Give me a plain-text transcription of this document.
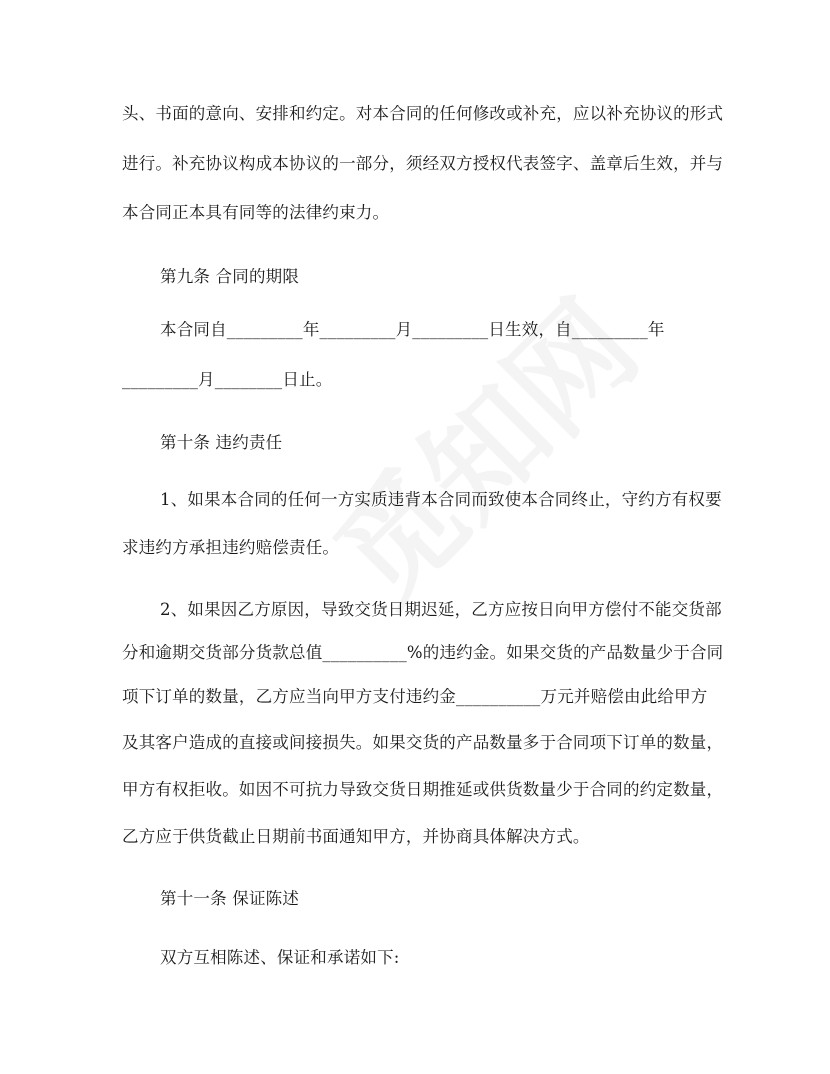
头、书面的意向、安排和约定。对本合同的任何修改或补充，应以补充协议的形式
进行。补充协议构成本协议的一部分，须经双方授权代表签字、盖章后生效，并与
本合同正本具有同等的法律约束力。
第九条 合同的期限
本合同自_________年_________月_________日生效，自_________年
_________月________日止。
第十条 违约责任
1、如果本合同的任何一方实质违背本合同而致使本合同终止，守约方有权要
求违约方承担违约赔偿责任。
2、如果因乙方原因，导致交货日期迟延，乙方应按日向甲方偿付不能交货部
分和逾期交货部分货款总值__________%的违约金。如果交货的产品数量少于合同
项下订单的数量，乙方应当向甲方支付违约金__________万元并赔偿由此给甲方
及其客户造成的直接或间接损失。如果交货的产品数量多于合同项下订单的数量，
甲方有权拒收。如因不可抗力导致交货日期推延或供货数量少于合同的约定数量，
乙方应于供货截止日期前书面通知甲方，并协商具体解决方式。
第十一条 保证陈述
双方互相陈述、保证和承诺如下:
